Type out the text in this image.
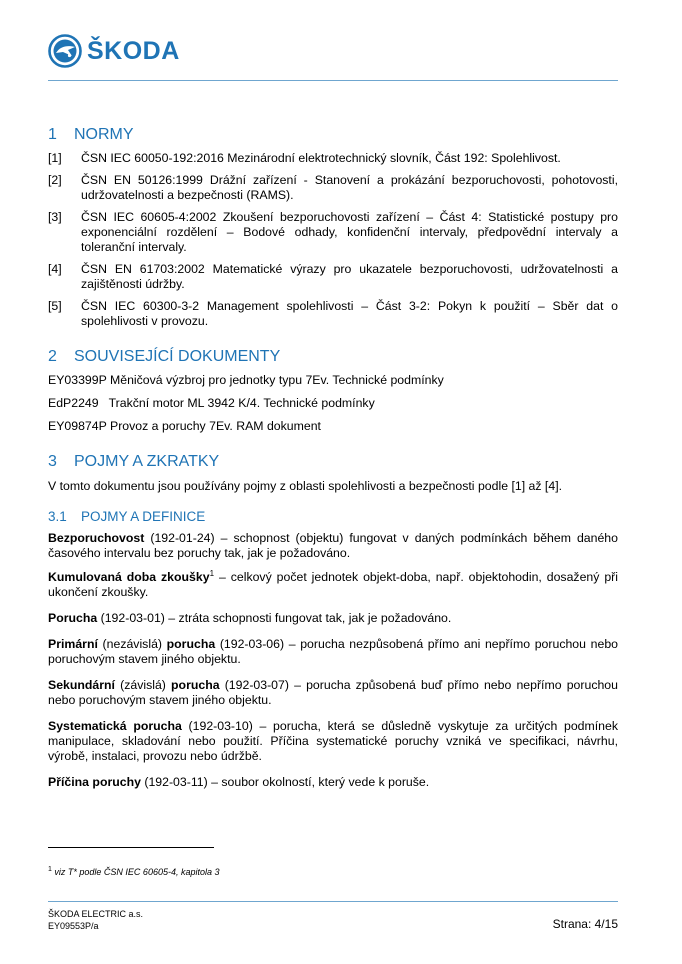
ŠKODA
1 NORMY
[1]	ČSN IEC 60050-192:2016 Mezinárodní elektrotechnický slovník, Část 192: Spolehlivost.
[2]	ČSN EN 50126:1999 Drážní zařízení - Stanovení a prokázání bezporuchovosti, pohotovosti, udržovatelnosti a bezpečnosti (RAMS).
[3]	ČSN IEC 60605-4:2002 Zkoušení bezporuchovosti zařízení – Část 4: Statistické postupy pro exponenciální rozdělení – Bodové odhady, konfidenční intervaly, předpovědní intervaly a toleranční intervaly.
[4]	ČSN EN 61703:2002 Matematické výrazy pro ukazatele bezporuchovosti, udržovatelnosti a zajištěnosti údržby.
[5]	ČSN IEC 60300-3-2 Management spolehlivosti – Část 3-2: Pokyn k použití – Sběr dat o spolehlivosti v provozu.
2 SOUVISEJÍCÍ DOKUMENTY

EY03399P Měničová výzbroj pro jednotky typu 7Ev. Technické podmínky

EdP2249   Trakční motor ML 3942 K/4. Technické podmínky

EY09874P Provoz a poruchy 7Ev. RAM dokument

3 POJMY A ZKRATKY

V tomto dokumentu jsou používány pojmy z oblasti spolehlivosti a bezpečnosti podle [1] až [4].

3.1 POJMY A DEFINICE

Bezporuchovost (192-01-24) – schopnost (objektu) fungovat v daných podmínkách během daného časového intervalu bez poruchy tak, jak je požadováno.

Kumulovaná doba zkoušky$^1$ – celkový počet jednotek objekt-doba, např. objektohodin, dosažený při ukončení zkoušky.

Porucha (192-03-01) – ztráta schopnosti fungovat tak, jak je požadováno.

Primární (nezávislá) porucha (192-03-06) – porucha nezpůsobená přímo ani nepřímo poruchou nebo poruchovým stavem jiného objektu.

Sekundární (závislá) porucha (192-03-07) – porucha způsobená buď přímo nebo nepřímo poruchou nebo poruchovým stavem jiného objektu.

Systematická porucha (192-03-10) – porucha, která se důsledně vyskytuje za určitých podmínek manipulace, skladování nebo použití. Příčina systematické poruchy vzniká ve specifikaci, návrhu, výrobě, instalaci, provozu nebo údržbě.

Příčina poruchy (192-03-11) – soubor okolností, který vede k poruše.

$^1$ viz T* podle ČSN IEC 60605-4, kapitola 3
ŠKODA ELECTRIC a.s.
EY09553P/a	Strana: 4/15
